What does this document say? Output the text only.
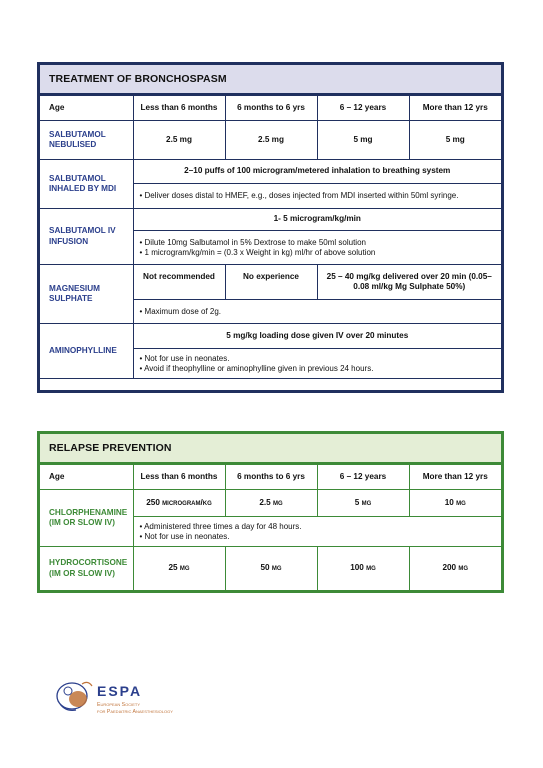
TREATMENT OF BRONCHOSPASM
Age	Less than 6 months	6 months to 6 yrs	6 – 12 years	More than 12 yrs
SALBUTAMOL NEBULISED	2.5 mg	2.5 mg	5 mg	5 mg
SALBUTAMOL INHALED BY MDI	2–10 puffs of 100 microgram/metered inhalation to breathing system			
	• Deliver doses distal to HMEF, e.g., doses injected from MDI inserted within 50ml syringe.			
SALBUTAMOL IV INFUSION	1- 5 microgram/kg/min			
	• Dilute 10mg Salbutamol in 5% Dextrose to make 50ml solution
• 1 microgram/kg/min = (0.3 x Weight in kg) ml/hr of above solution			
MAGNESIUM SULPHATE	Not recommended	No experience	25 – 40 mg/kg delivered over 20 min (0.05–0.08 ml/kg Mg Sulphate 50%)	
	• Maximum dose of 2g.			
AMINOPHYLLINE	5 mg/kg loading dose given IV over 20 minutes			
	• Not for use in neonates.
• Avoid if theophylline or aminophylline given in previous 24 hours.			
RELAPSE PREVENTION
Age	Less than 6 months	6 months to 6 yrs	6 – 12 years	More than 12 yrs
CHLORPHENAMINE (IM OR SLOW IV)	250 microgram/kg	2.5 mg	5 mg	10 mg
	• Administered three times a day for 48 hours.
• Not for use in neonates.			
HYDROCORTISONE (IM OR SLOW IV)	25 mg	50 mg	100 mg	200 mg
ESPA
European Society
for Paediatric Anaesthesiology
